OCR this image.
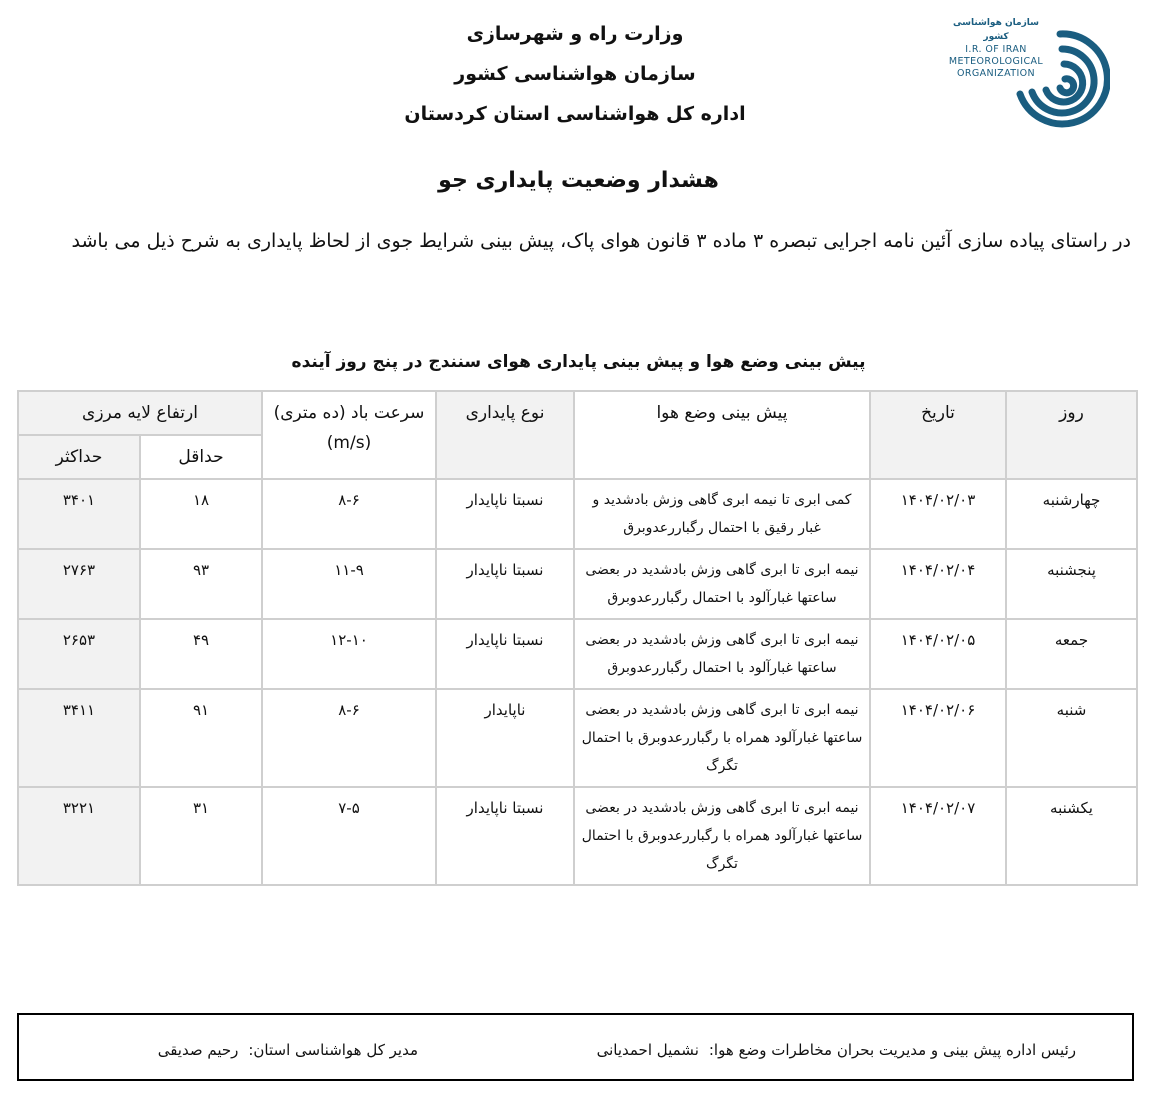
وزارت راه و شهرسازی
سازمان هواشناسی کشور
اداره کل هواشناسی استان کردستان
سازمان هواشناسی کشور
I.R. OF IRAN
METEOROLOGICAL
ORGANIZATION
هشدار وضعیت پایداری جو
در راستای پیاده سازی آئین نامه اجرایی تبصره ۳ ماده ۳ قانون هوای پاک، پیش بینی شرایط جوی از لحاظ پایداری به شرح ذیل می باشد
پیش بینی وضع هوا و پیش بینی پایداری هوای سنندج در پنج روز آینده
روز	تاریخ	پیش بینی وضع هوا	نوع پایداری	سرعت باد (ده متری) (m/s)	ارتفاع لایه مرزی	
					حداقل	حداکثر
چهارشنبه	۱۴۰۴/۰۲/۰۳	کمی ابری تا نیمه ابری گاهی وزش بادشدید و غبار رقیق با احتمال رگباررعدوبرق	نسبتا ناپایدار	۸-۶	۱۸	۳۴۰۱
پنجشنبه	۱۴۰۴/۰۲/۰۴	نیمه ابری تا ابری گاهی وزش بادشدید در بعضی ساعتها غبارآلود با احتمال رگباررعدوبرق	نسبتا ناپایدار	۱۱-۹	۹۳	۲۷۶۳
جمعه	۱۴۰۴/۰۲/۰۵	نیمه ابری تا ابری گاهی وزش بادشدید در بعضی ساعتها غبارآلود با احتمال رگباررعدوبرق	نسبتا ناپایدار	۱۲-۱۰	۴۹	۲۶۵۳
شنبه	۱۴۰۴/۰۲/۰۶	نیمه ابری تا ابری گاهی وزش بادشدید در بعضی ساعتها غبارآلود همراه با رگباررعدوبرق با احتمال تگرگ	ناپایدار	۸-۶	۹۱	۳۴۱۱
یکشنبه	۱۴۰۴/۰۲/۰۷	نیمه ابری تا ابری گاهی وزش بادشدید در بعضی ساعتها غبارآلود همراه با رگباررعدوبرق با احتمال تگرگ	نسبتا ناپایدار	۷-۵	۳۱	۳۲۲۱
رئیس اداره پیش بینی و مدیریت بحران مخاطرات وضع هوا:نشمیل احمدیانی
مدیر کل هواشناسی استان:رحیم صدیقی
